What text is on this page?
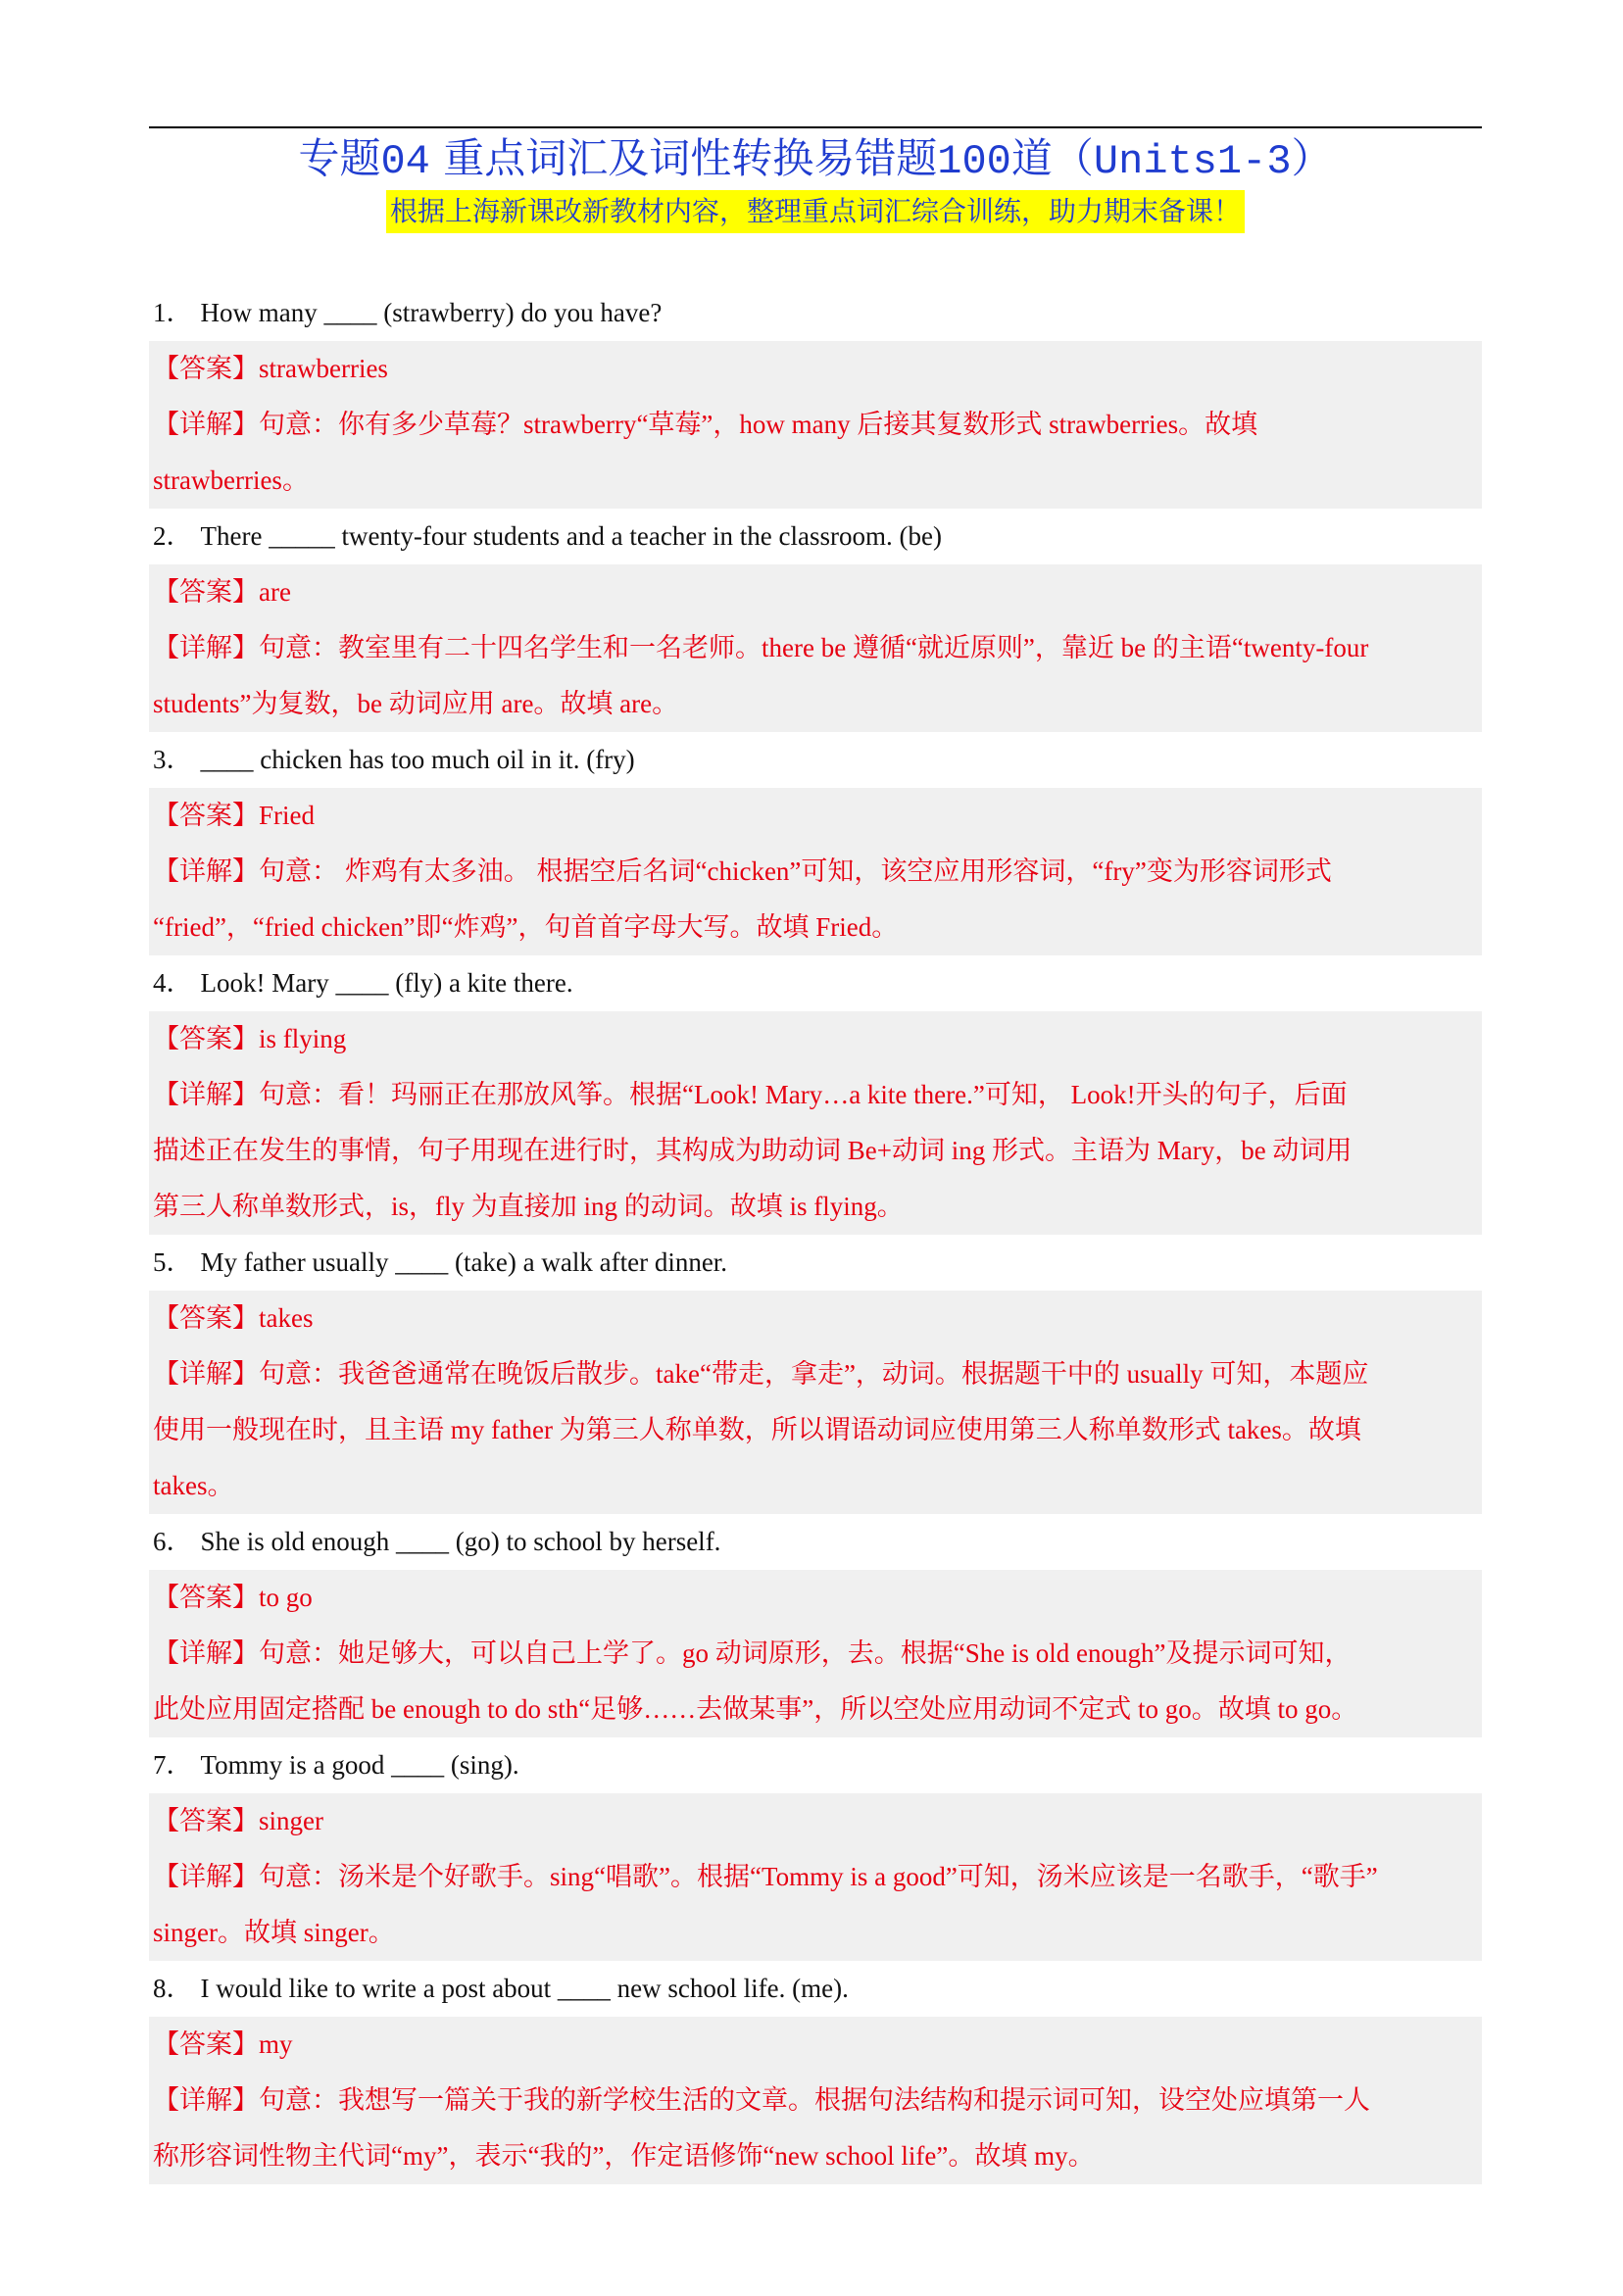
专题04 重点词汇及词性转换易错题100道（Units1-3）
根据上海新课改新教材内容，整理重点词汇综合训练，助力期末备课！
1． How many ____ (strawberry) do you have?
【答案】strawberries
【详解】句意：你有多少草莓？strawberry“草莓”，how many 后接其复数形式 strawberries。故填
strawberries。
2． There _____ twenty-four students and a teacher in the classroom. (be)
【答案】are
【详解】句意：教室里有二十四名学生和一名老师。there be 遵循“就近原则”，靠近 be 的主语“twenty-four
students”为复数，be 动词应用 are。故填 are。
3． ____ chicken has too much oil in it. (fry)
【答案】Fried
【详解】句意： 炸鸡有太多油。 根据空后名词“chicken”可知，该空应用形容词，“fry”变为形容词形式
“fried”，“fried chicken”即“炸鸡”，句首首字母大写。故填 Fried。
4． Look! Mary ____ (fly) a kite there.
【答案】is flying
【详解】句意：看！玛丽正在那放风筝。根据“Look! Mary…a kite there.”可知， Look!开头的句子，后面
描述正在发生的事情，句子用现在进行时，其构成为助动词 Be+动词 ing 形式。主语为 Mary，be 动词用
第三人称单数形式，is，fly 为直接加 ing 的动词。故填 is flying。
5． My father usually ____ (take) a walk after dinner.
【答案】takes
【详解】句意：我爸爸通常在晚饭后散步。take“带走，拿走”，动词。根据题干中的 usually 可知，本题应
使用一般现在时，且主语 my father 为第三人称单数，所以谓语动词应使用第三人称单数形式 takes。故填
takes。
6． She is old enough ____ (go) to school by herself.
【答案】to go
【详解】句意：她足够大，可以自己上学了。go 动词原形，去。根据“She is old enough”及提示词可知，
此处应用固定搭配 be enough to do sth“足够……去做某事”，所以空处应用动词不定式 to go。故填 to go。
7． Tommy is a good ____ (sing).
【答案】singer
【详解】句意：汤米是个好歌手。sing“唱歌”。根据“Tommy is a good”可知，汤米应该是一名歌手，“歌手”
singer。故填 singer。
8． I would like to write a post about ____ new school life. (me).
【答案】my
【详解】句意：我想写一篇关于我的新学校生活的文章。根据句法结构和提示词可知，设空处应填第一人
称形容词性物主代词“my”，表示“我的”，作定语修饰“new school life”。故填 my。
